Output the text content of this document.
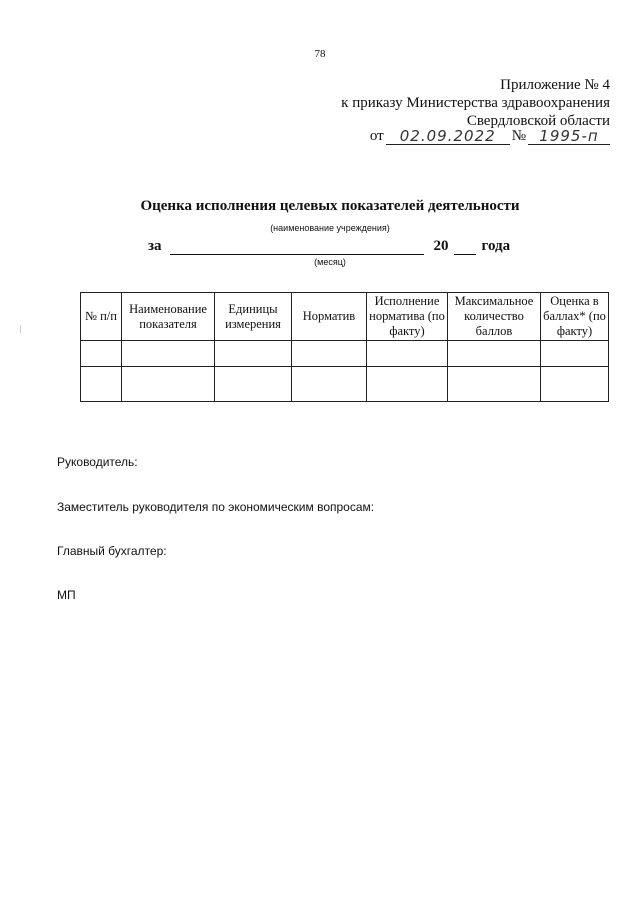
78
Приложение № 4
к приказу Министерства здравоохранения
Свердловской области
от	02.09.2022	№ 1995-п
Оценка исполнения целевых показателей деятельности
(наименование учреждения)
за	20 года
(месяц)
№ п/п	Наименование показателя	Единицы измерения	Норматив	Исполнение норматива (по факту)	Максимальное количество баллов	Оценка в баллах* (по факту)

Руководитель:
Заместитель руководителя по экономическим вопросам:
Главный бухгалтер:
МП
